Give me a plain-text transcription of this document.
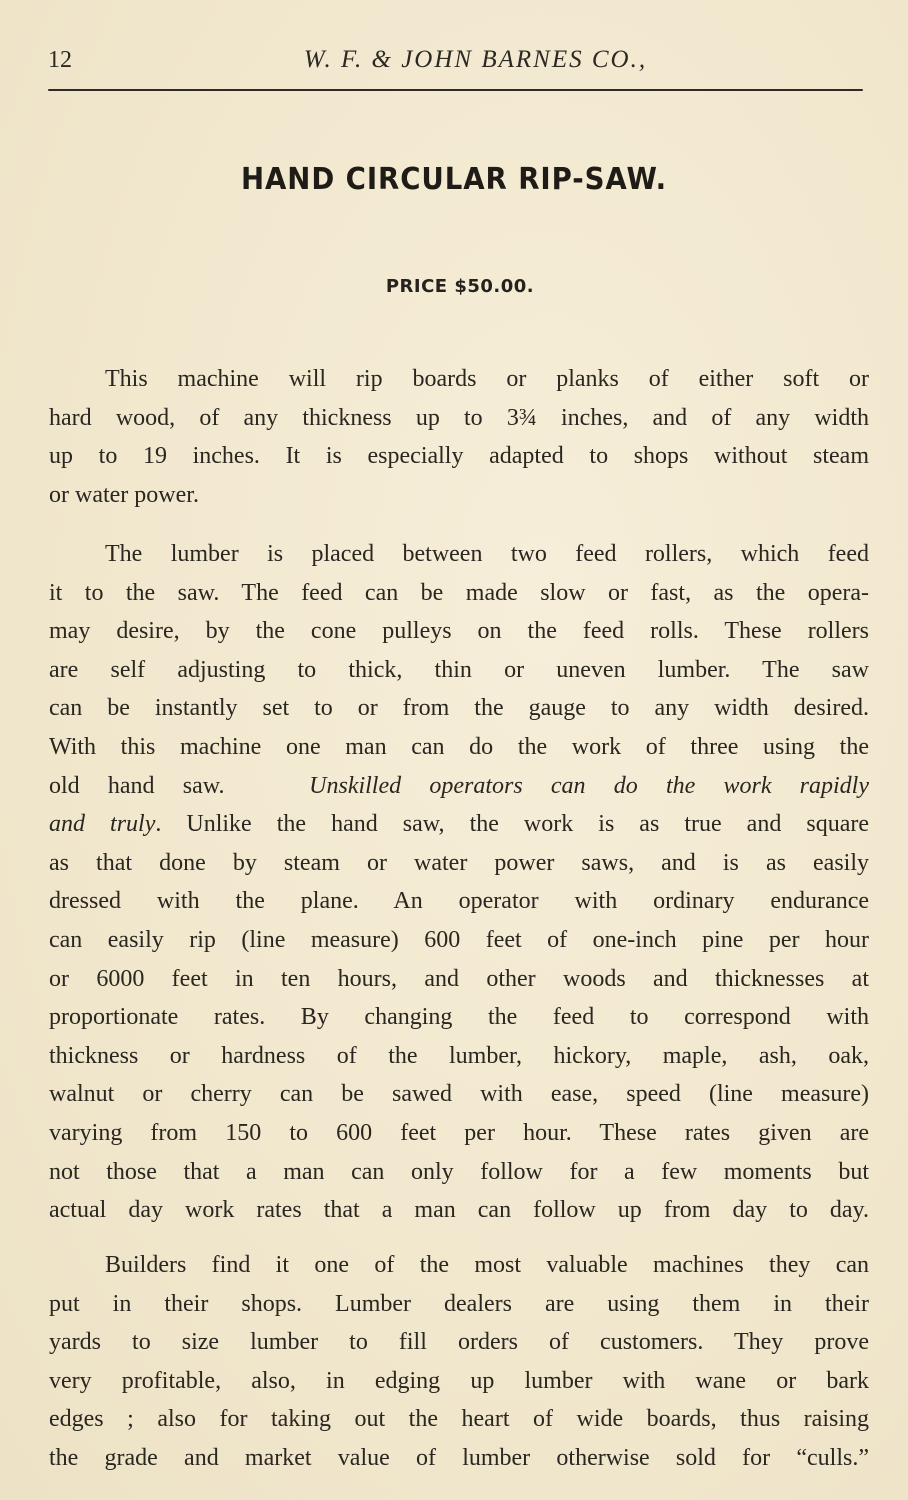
12	W. F. & JOHN BARNES CO.,
HAND CIRCULAR RIP-SAW.
PRICE $50.00.
This machine will rip boards or planks of either soft or
hard wood, of any thickness up to 3¾ inches, and of any width
up to 19 inches. It is especially adapted to shops without steam
or water power.
The lumber is placed between two feed rollers, which feed
it to the saw. The feed can be made slow or fast, as the opera-
may desire, by the cone pulleys on the feed rolls. These rollers
are self adjusting to thick, thin or uneven lumber. The saw
can be instantly set to or from the gauge to any width desired.
With this machine one man can do the work of three using the
old hand saw.	Unskilled operators can do the work rapidly
and truly. Unlike the hand saw, the work is as true and square
as that done by steam or water power saws, and is as easily
dressed with the plane. An operator with ordinary endurance
can easily rip (line measure) 600 feet of one-inch pine per hour
or 6000 feet in ten hours, and other woods and thicknesses at
proportionate rates. By changing the feed to correspond with
thickness or hardness of the lumber, hickory, maple, ash, oak,
walnut or cherry can be sawed with ease, speed (line measure)
varying from 150 to 600 feet per hour. These rates given are
not those that a man can only follow for a few moments but
actual day work rates that a man can follow up from day to day.
Builders find it one of the most valuable machines they can
put in their shops. Lumber dealers are using them in their
yards to size lumber to fill orders of customers. They prove
very profitable, also, in edging up lumber with wane or bark
edges ; also for taking out the heart of wide boards, thus raising
the grade and market value of lumber otherwise sold for “culls.”
